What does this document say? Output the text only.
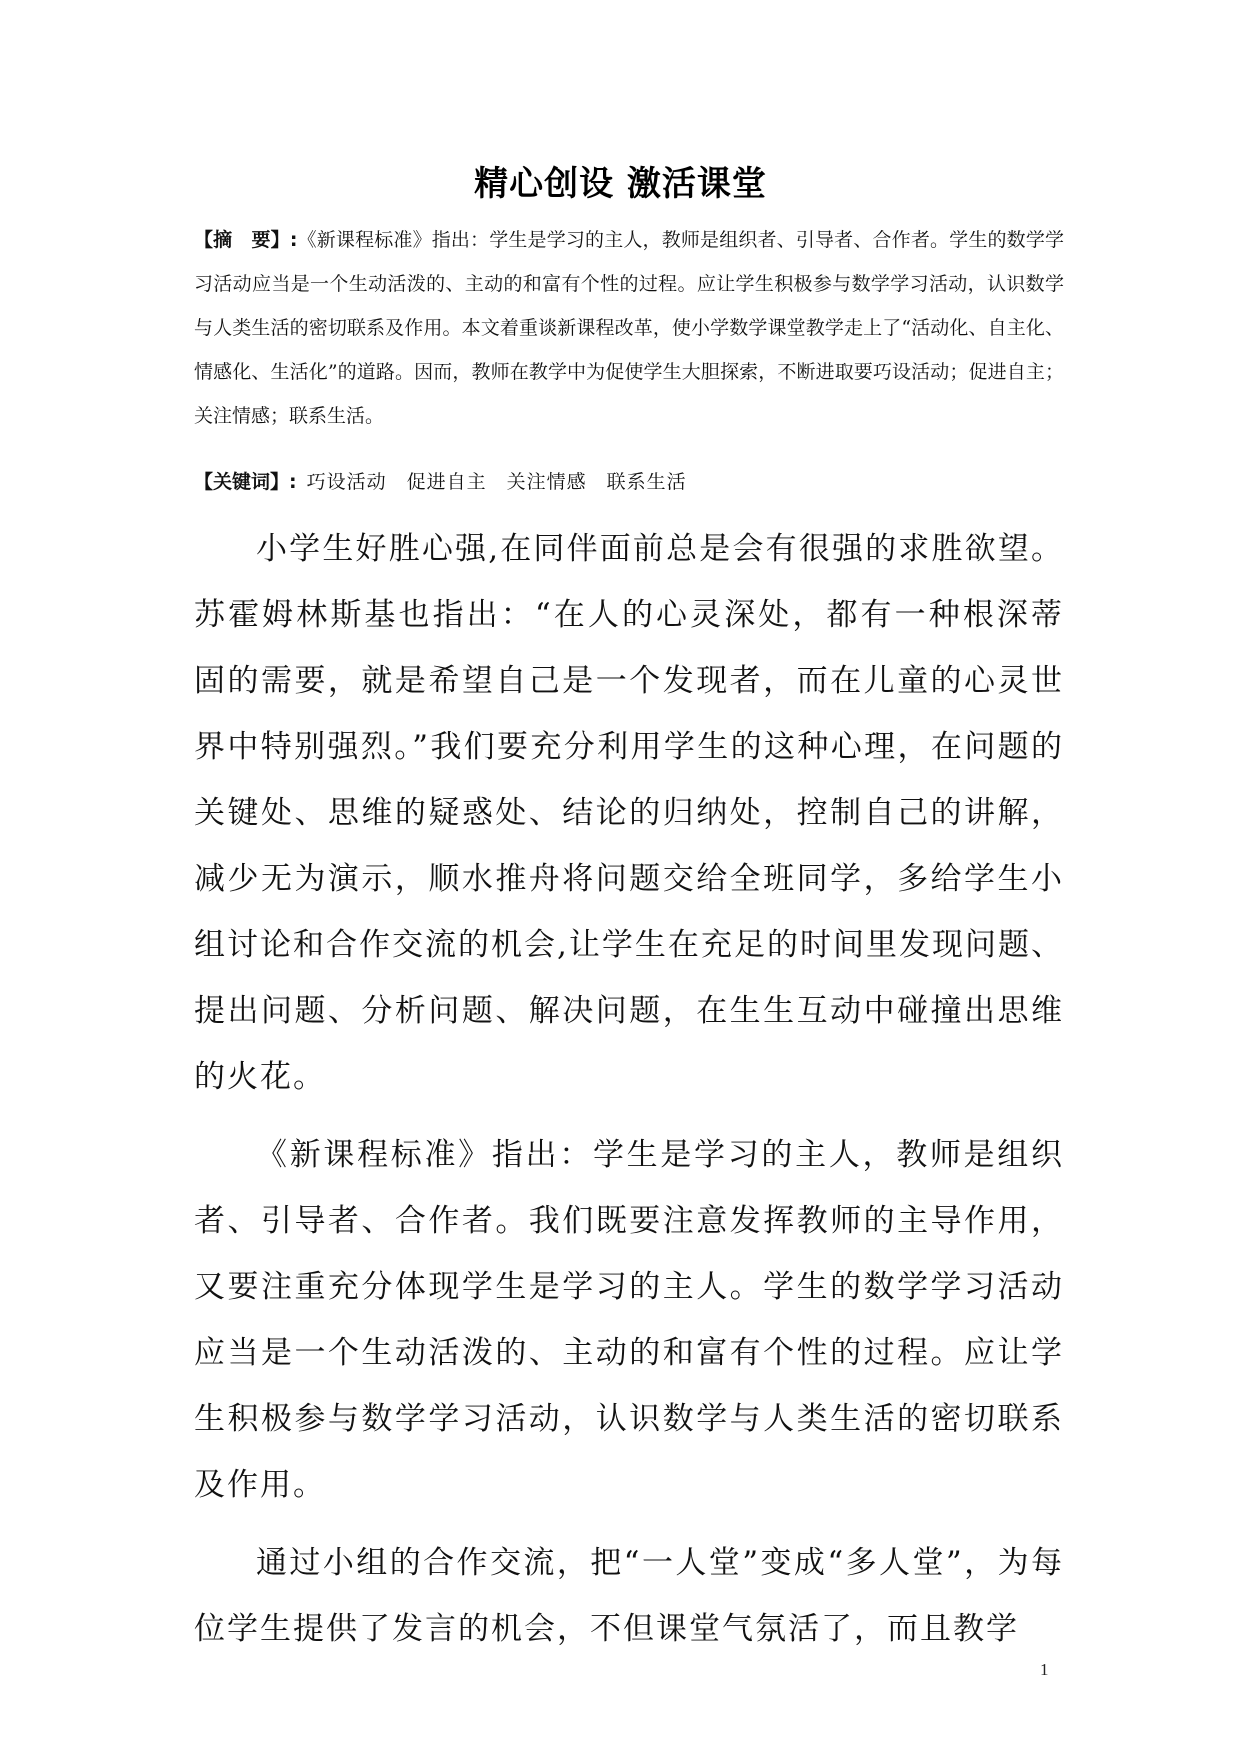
精心创设 激活课堂
【摘　要】:《新课程标准》指出：学生是学习的主人，教师是组织者、引导者、合作者。学生的数学学习活动应当是一个生动活泼的、主动的和富有个性的过程。应让学生积极参与数学学习活动，认识数学与人类生活的密切联系及作用。本文着重谈新课程改革，使小学数学课堂教学走上了“活动化、自主化、情感化、生活化”的道路。因而，教师在教学中为促使学生大胆探索，不断进取要巧设活动；促进自主；关注情感；联系生活。
【关键词】: 巧设活动　促进自主　关注情感　联系生活

小学生好胜心强,在同伴面前总是会有很强的求胜欲望。苏霍姆林斯基也指出：“在人的心灵深处，都有一种根深蒂固的需要，就是希望自己是一个发现者，而在儿童的心灵世界中特别强烈。”我们要充分利用学生的这种心理，在问题的关键处、思维的疑惑处、结论的归纳处，控制自己的讲解，减少无为演示，顺水推舟将问题交给全班同学，多给学生小组讨论和合作交流的机会,让学生在充足的时间里发现问题、提出问题、分析问题、解决问题，在生生互动中碰撞出思维的火花。

《新课程标准》指出：学生是学习的主人，教师是组织者、引导者、合作者。我们既要注意发挥教师的主导作用，又要注重充分体现学生是学习的主人。学生的数学学习活动应当是一个生动活泼的、主动的和富有个性的过程。应让学生积极参与数学学习活动，认识数学与人类生活的密切联系及作用。

通过小组的合作交流，把“一人堂”变成“多人堂”，为每位学生提供了发言的机会，不但课堂气氛活了，而且教学

1
